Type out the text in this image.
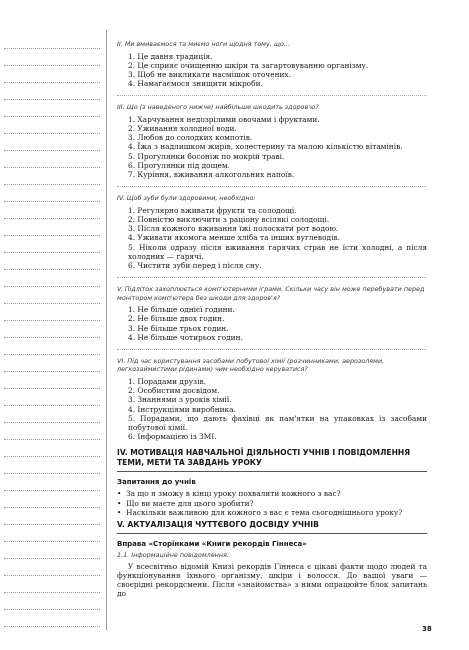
II. Ми вмиваємося та миємо ноги щодня тому, що…
1. Це давня традиція.
2. Це сприяє очищенню шкіри та загартовуванню організму.
3. Щоб не викликати насмішок оточених.
4. Намагаємося знищити мікроби.
III. Що (з наведеного нижче) найбільше шкодить здоров'ю?
1. Харчування недозрілими овочами і фруктами.
2. Уживання холодної води.
3. Любов до солодких компотів.
4. Їжа з надлишком жирів, холестерину та малою кількістю вітамінів.
5. Прогулянки босоніж по мокрій траві.
6. Прогулянки під дощем.
7. Куріння, вживання алкогольних напоїв.
IV. Щоб зуби були здоровими, необхідно:
1. Регулярно вживати фрукти та солодощі.
2. Повністю виключити з раціону всілякі солодощі.
3. Після кожного вживання їжі полоскати рот водою.
4. Уживати якомога менше хліба та інших вуглеводів.
5. Ніколи одразу після вживання гарячих страв не їсти холодні, а після холодних — гарячі.
6. Чистити зуби перед і після сну.
V. Підліток захоплюється комп'ютерними іграми. Скільки часу він може перебувати перед монітором комп'ютера без шкоди для здоров'я?
1. Не більше однієї години.
2. Не більше двох годин.
3. Не більше трьох годин.
4. Не більше чотирьох годин.
VI. Під час користування засобами побутової хімії (розчинниками, аерозолями, легкозаймистими рідинами) чим необхідно керуватися?
1. Порадами друзів.
2. Особистим досвідом.
3. Знаннями з уроків хімії.
4. Інструкціями виробника.
5. Порадами, що дають фахівці як пам'ятки на упаковках із засобами побутової хімії.
6. Інформацією із ЗМІ.
IV. МОТИВАЦІЯ НАВЧАЛЬНОЇ ДІЯЛЬНОСТІ УЧНІВ І ПОВІДОМЛЕННЯ ТЕМИ, МЕТИ ТА ЗАВДАНЬ УРОКУ
Запитання до учнів
• За що я зможу в кінці уроку похвалити кожного з вас?
• Що ви маєте для цього зробити?
• Наскільки важливою для кожного з вас є тема сьогоднішнього уроку?
V. АКТУАЛІЗАЦІЯ ЧУТТЄВОГО ДОСВІДУ УЧНІВ
Вправа «Сторінками «Книги рекордів Гіннеса»
1.1. Інформаційне повідомлення.

У всесвітньо відомій Книзі рекордів Гіннеса є цікаві факти щодо людей та функціонування їхнього організму, шкіри і волосся. До вашої уваги — своєрідні рекордсмени. Після «знайомства» з ними опрацюйте блок запитань до

38
